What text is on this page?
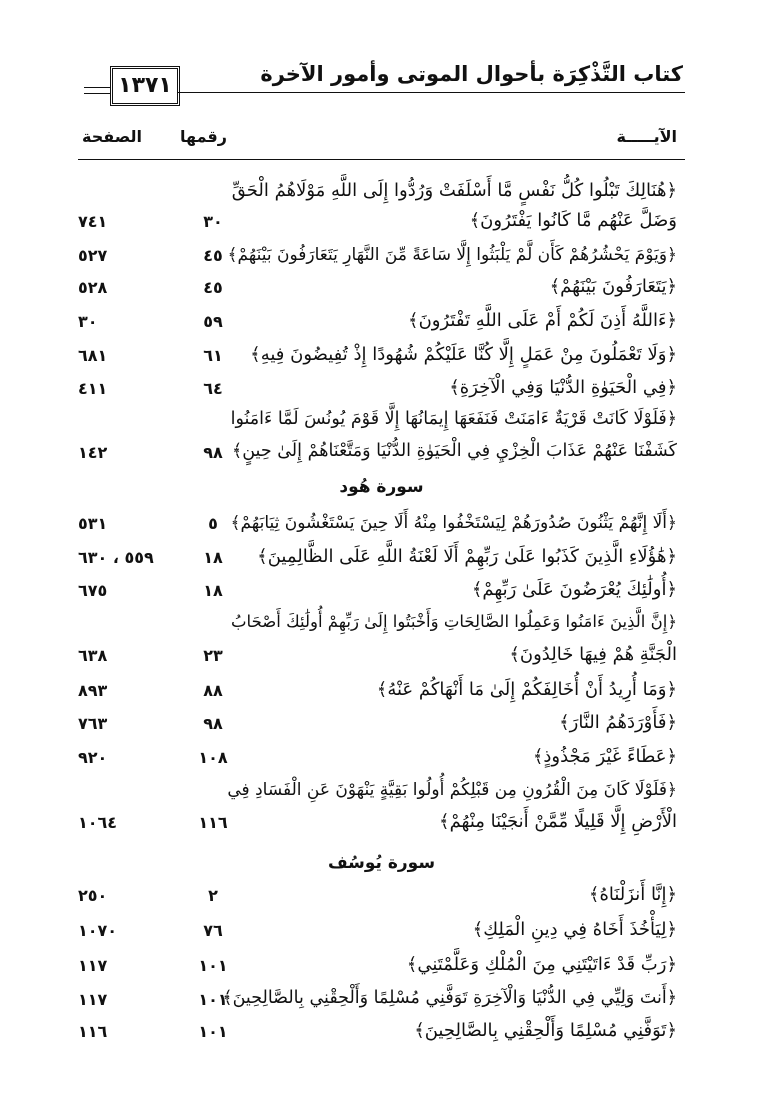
كتاب التَّذْكِرَة بأحوال الموتى وأمور الآخرة
١٣٧١
الآيـــــة
رقمها
الصفحة
﴿هُنَالِكَ تَبْلُوا كُلُّ نَفْسٍ مَّا أَسْلَفَتْ وَرُدُّوا إِلَى اللَّهِ مَوْلَاهُمُ الْحَقِّ
وَضَلَّ عَنْهُم مَّا كَانُوا يَفْتَرُونَ﴾
٣٠
٧٤١
﴿وَيَوْمَ يَحْشُرُهُمْ كَأَن لَّمْ يَلْبَثُوا إِلَّا سَاعَةً مِّنَ النَّهَارِ يَتَعَارَفُونَ بَيْنَهُمْ﴾
٤٥
٥٢٧
﴿يَتَعَارَفُونَ بَيْنَهُمْ﴾
٤٥
٥٢٨
﴿ءَاللَّهُ أَذِنَ لَكُمْ أَمْ عَلَى اللَّهِ تَفْتَرُونَ﴾
٥٩
٣٠
﴿وَلَا تَعْمَلُونَ مِنْ عَمَلٍ إِلَّا كُنَّا عَلَيْكُمْ شُهُودًا إِذْ تُفِيضُونَ فِيهِ﴾
٦١
٦٨١
﴿فِي الْحَيَوٰةِ الدُّنْيَا وَفِي الْآخِرَةِ﴾
٦٤
٤١١
﴿فَلَوْلَا كَانَتْ قَرْيَةٌ ءَامَنَتْ فَنَفَعَهَا إِيمَانُهَا إِلَّا قَوْمَ يُونُسَ لَمَّا ءَامَنُوا
كَشَفْنَا عَنْهُمْ عَذَابَ الْخِزْيِ فِي الْحَيَوٰةِ الدُّنْيَا وَمَتَّعْنَاهُمْ إِلَىٰ حِينٍ﴾
٩٨
١٤٢
سورة هُود
﴿أَلَا إِنَّهُمْ يَثْنُونَ صُدُورَهُمْ لِيَسْتَخْفُوا مِنْهُ أَلَا حِينَ يَسْتَغْشُونَ ثِيَابَهُمْ﴾
٥
٥٣١
﴿هَٰؤُلَاءِ الَّذِينَ كَذَبُوا عَلَىٰ رَبِّهِمْ أَلَا لَعْنَةُ اللَّهِ عَلَى الظَّالِمِينَ﴾
١٨
٥٥٩ ، ٦٣٠
﴿أُولَٰئِكَ يُعْرَضُونَ عَلَىٰ رَبِّهِمْ﴾
١٨
٦٧٥
﴿إِنَّ الَّذِينَ ءَامَنُوا وَعَمِلُوا الصَّالِحَاتِ وَأَخْبَتُوا إِلَىٰ رَبِّهِمْ أُولَٰئِكَ أَصْحَابُ
الْجَنَّةِ هُمْ فِيهَا خَالِدُونَ﴾
٢٣
٦٣٨
﴿وَمَا أُرِيدُ أَنْ أُخَالِفَكُمْ إِلَىٰ مَا أَنْهَاكُمْ عَنْهُ﴾
٨٨
٨٩٣
﴿فَأَوْرَدَهُمُ النَّارَ﴾
٩٨
٧٦٣
﴿عَطَاءً غَيْرَ مَجْذُوذٍ﴾
١٠٨
٩٢٠
﴿فَلَوْلَا كَانَ مِنَ الْقُرُونِ مِن قَبْلِكُمْ أُولُوا بَقِيَّةٍ يَنْهَوْنَ عَنِ الْفَسَادِ فِي
الْأَرْضِ إِلَّا قَلِيلًا مِّمَّنْ أَنجَيْنَا مِنْهُمْ﴾
١١٦
١٠٦٤
سورة يُوسُف
﴿إِنَّا أَنزَلْنَاهُ﴾
٢
٢٥٠
﴿لِيَأْخُذَ أَخَاهُ فِي دِينِ الْمَلِكِ﴾
٧٦
١٠٧٠
﴿رَبِّ قَدْ ءَاتَيْتَنِي مِنَ الْمُلْكِ وَعَلَّمْتَنِي﴾
١٠١
١١٧
﴿أَنتَ وَلِيِّي فِي الدُّنْيَا وَالْآخِرَةِ تَوَفَّنِي مُسْلِمًا وَأَلْحِقْنِي بِالصَّالِحِينَ﴾
١٠١
١١٧
﴿تَوَفَّنِي مُسْلِمًا وَأَلْحِقْنِي بِالصَّالِحِينَ﴾
١٠١
١١٦
